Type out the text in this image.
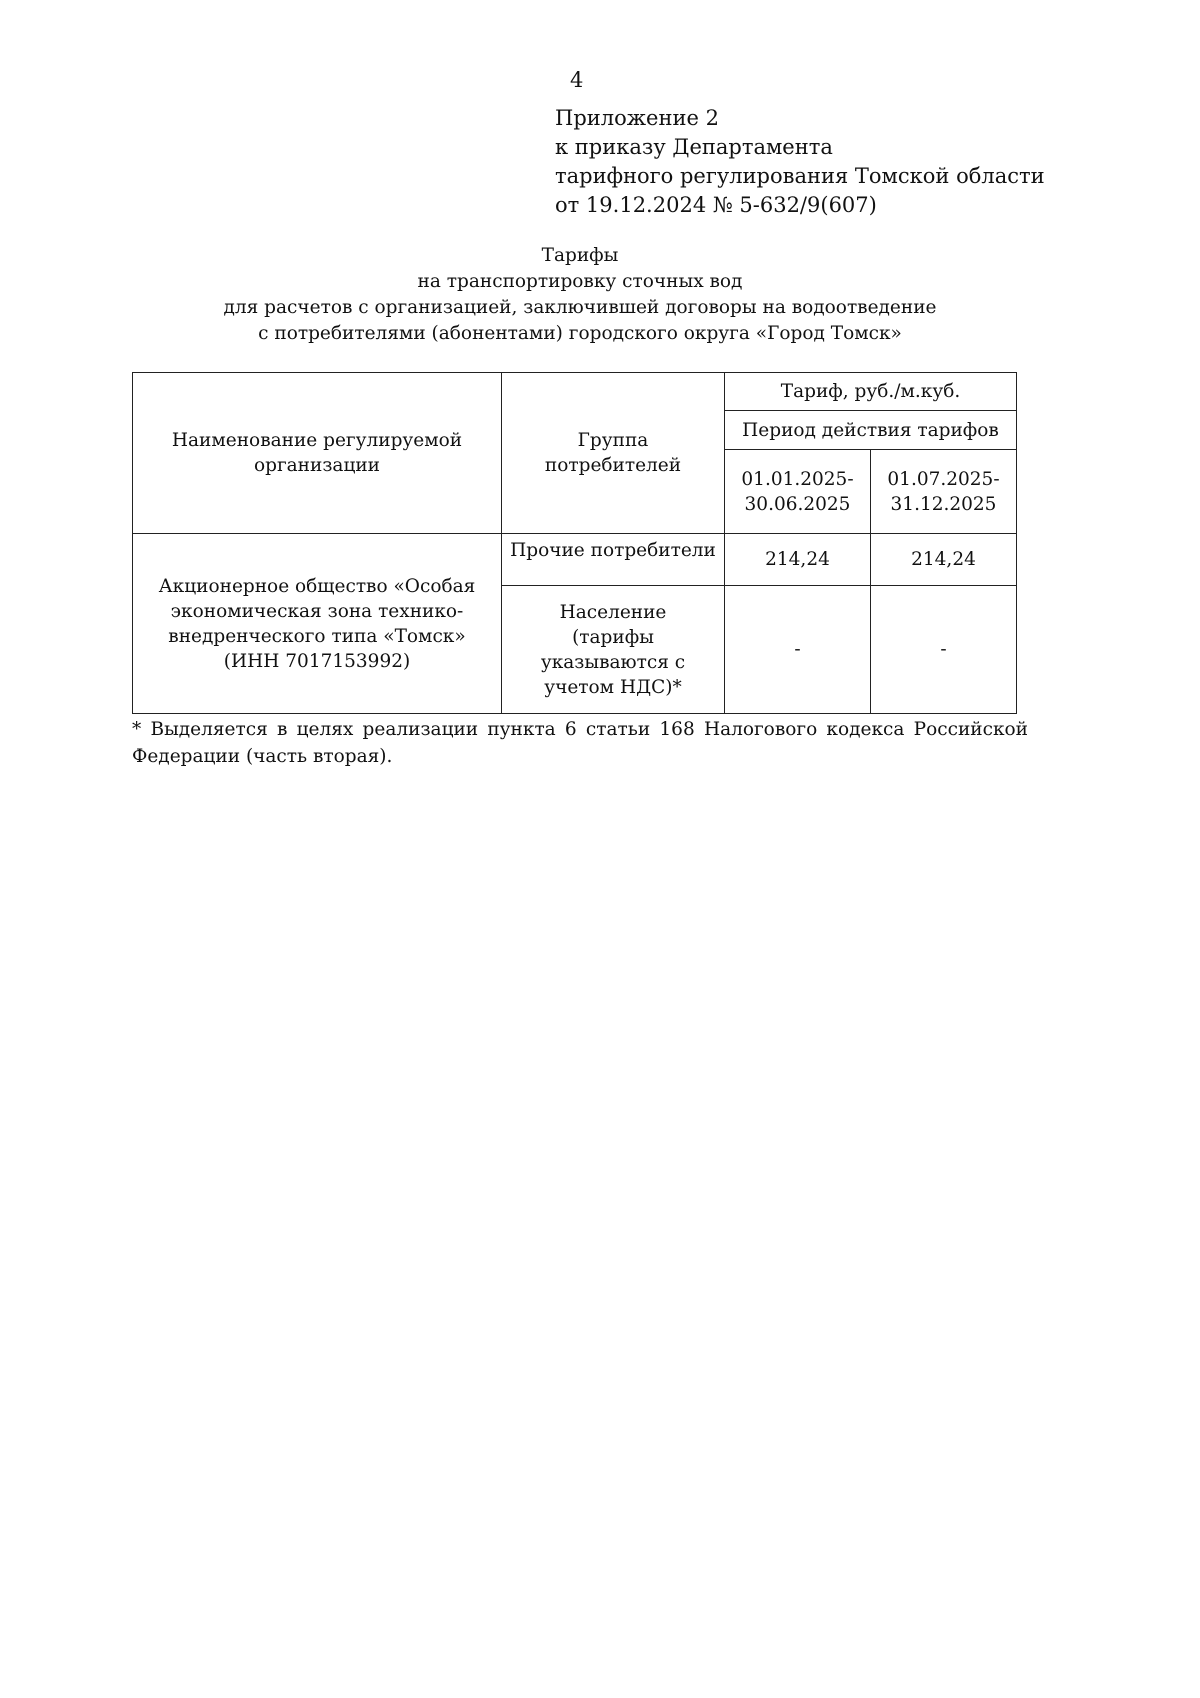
4
Приложение 2
к приказу Департамента
тарифного регулирования Томской области
от 19.12.2024 № 5-632/9(607)
Тарифы
на транспортировку сточных вод
для расчетов с организацией, заключившей договоры на водоотведение
с потребителями (абонентами) городского округа «Город Томск»
Наименование регулируемой организации	Группа потребителей	Тариф, руб./м.куб.	
		Период действия тарифов	
		01.01.2025-30.06.2025	01.07.2025-31.12.2025
Акционерное общество «Особая экономическая зона технико-внедренческого типа «Томск» (ИНН 7017153992)	Прочие потребители	214,24	214,24
	Население (тарифы указываются с учетом НДС)*	-	-
* Выделяется в целях реализации пункта 6 статьи 168 Налогового кодекса Российской Федерации (часть вторая).
